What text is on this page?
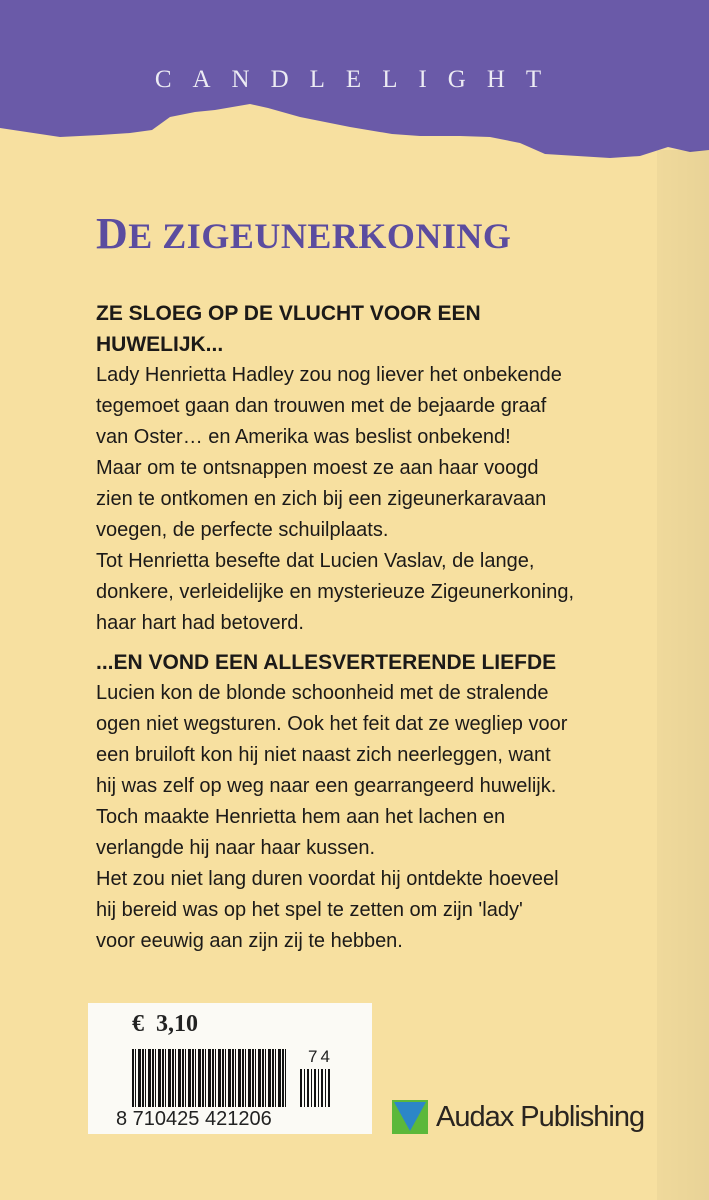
CANDLELIGHT
DE ZIGEUNERKONING
ZE SLOEG OP DE VLUCHT VOOR EEN
HUWELIJK...
Lady Henrietta Hadley zou nog liever het onbekende
tegemoet gaan dan trouwen met de bejaarde graaf
van Oster… en Amerika was beslist onbekend!
Maar om te ontsnappen moest ze aan haar voogd
zien te ontkomen en zich bij een zigeunerkaravaan
voegen, de perfecte schuilplaats.
Tot Henrietta besefte dat Lucien Vaslav, de lange,
donkere, verleidelijke en mysterieuze Zigeunerkoning,
haar hart had betoverd.
...EN VOND EEN ALLESVERTERENDE LIEFDE
Lucien kon de blonde schoonheid met de stralende
ogen niet wegsturen. Ook het feit dat ze wegliep voor
een bruiloft kon hij niet naast zich neerleggen, want
hij was zelf op weg naar een gearrangeerd huwelijk.
Toch maakte Henrietta hem aan het lachen en
verlangde hij naar haar kussen.
Het zou niet lang duren voordat hij ontdekte hoeveel
hij bereid was op het spel te zetten om zijn 'lady'
voor eeuwig aan zijn zij te hebben.
€  3,10
74
8 710425 421206	Audax Publishing
